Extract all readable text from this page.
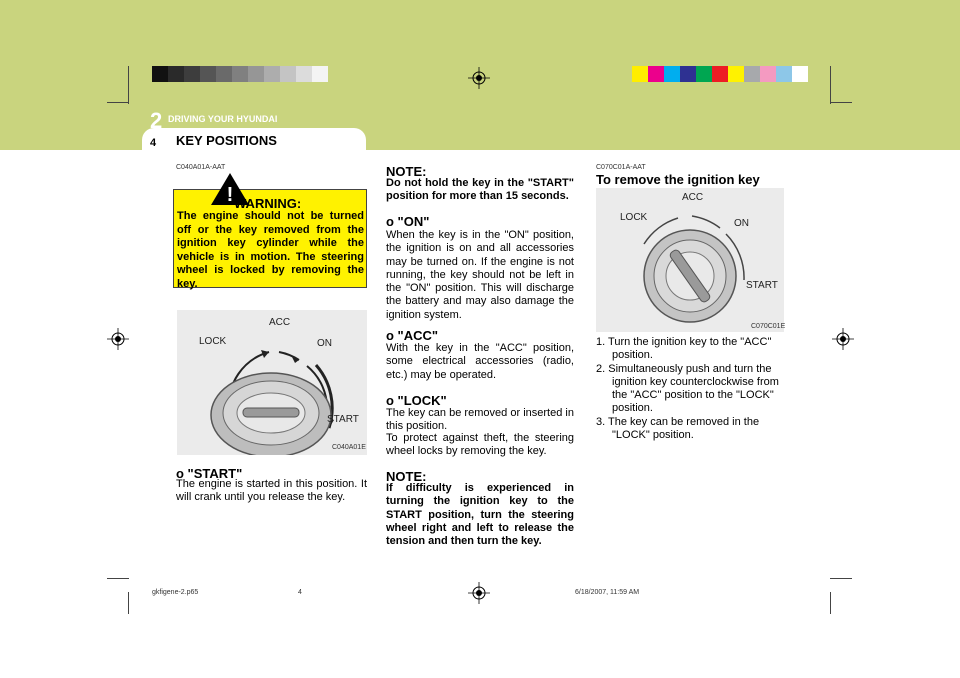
2 DRIVING YOUR HYUNDAI
4 KEY POSITIONS
C040A01A-AAT
! WARNING:
The engine should not be turned off or the key removed from the ignition key cylinder while the vehicle is in motion. The steering wheel is locked by removing the key.
ACC
LOCK	ON
START
C040A01E
o "START"
The engine is started in this position. It will crank until you release the key.
NOTE:
Do not hold the key in the "START" position for more than 15 seconds.
o "ON"
When the key is in the "ON" position, the ignition is on and all accessories may be turned on. If the engine is not running, the key should not be left in the "ON" position. This will discharge the battery and may also damage the ignition system.
o "ACC"
With the key in the "ACC" position, some electrical accessories (radio, etc.) may be operated.
o "LOCK"
The key can be removed or inserted in this position.
To protect against theft, the steering wheel locks by removing the key.
NOTE:
If difficulty is experienced in turning the ignition key to the START position, turn the steering wheel right and left to release the tension and then turn the key.
C070C01A-AAT
To remove the ignition key
ACC
LOCK
ON
START
C070C01E
1. Turn the ignition key to the "ACC" position.
2. Simultaneously push and turn the ignition key counterclockwise from the "ACC" position to the "LOCK" position.
3. The key can be removed in the "LOCK" position.
gkfigene-2.p65	4	6/18/2007, 11:59 AM
